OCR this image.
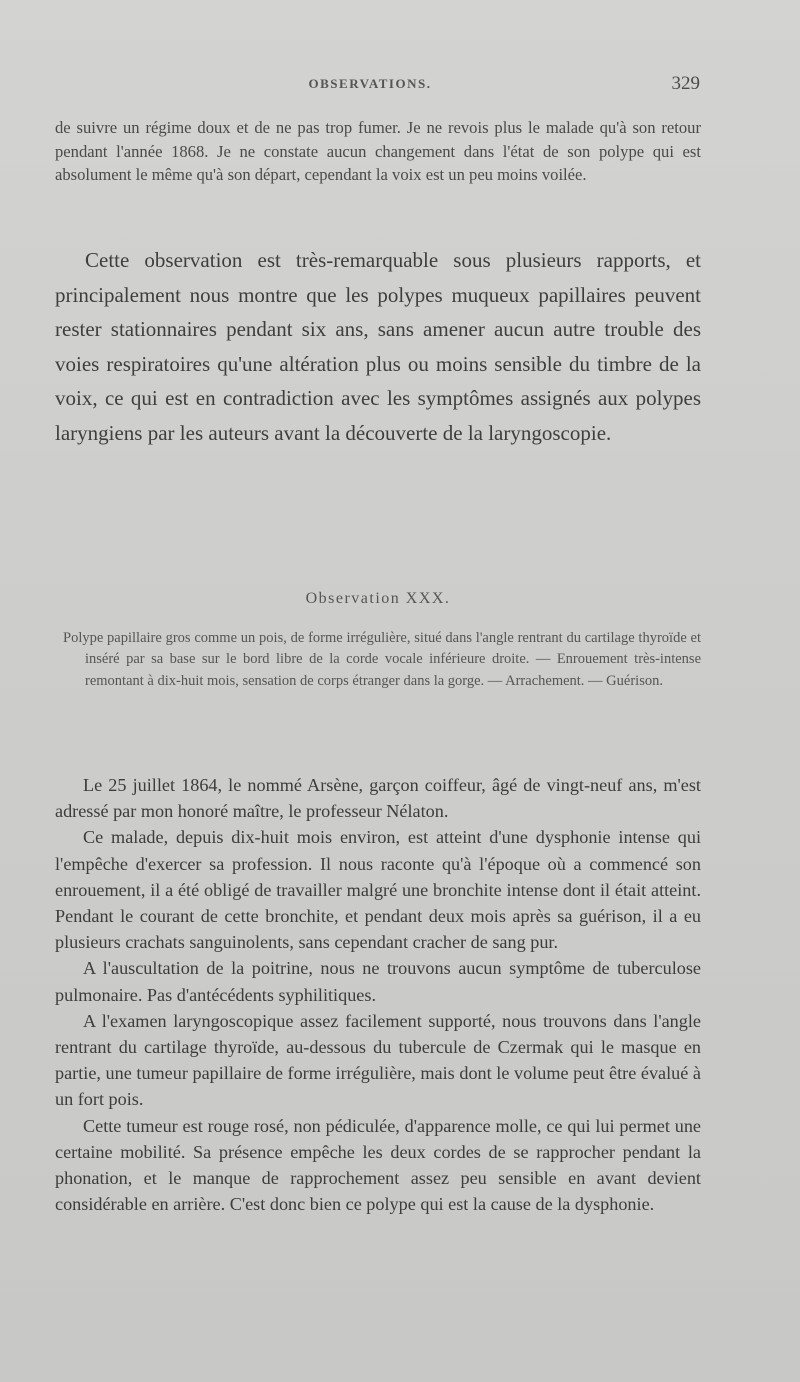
OBSERVATIONS.	329

de suivre un régime doux et de ne pas trop fumer. Je ne revois plus le malade qu'à son retour pendant l'année 1868. Je ne constate aucun changement dans l'état de son polype qui est absolument le même qu'à son départ, cependant la voix est un peu moins voilée.

Cette observation est très-remarquable sous plusieurs rapports, et principalement nous montre que les polypes muqueux papillaires peuvent rester stationnaires pendant six ans, sans amener aucun autre trouble des voies respiratoires qu'une altération plus ou moins sensible du timbre de la voix, ce qui est en contradiction avec les symptômes assignés aux polypes laryngiens par les auteurs avant la découverte de la laryngoscopie.

Observation XXX.

Polype papillaire gros comme un pois, de forme irrégulière, situé dans l'angle rentrant du cartilage thyroïde et inséré par sa base sur le bord libre de la corde vocale inférieure droite. — Enrouement très-intense remontant à dix-huit mois, sensation de corps étranger dans la gorge. — Arrachement. — Guérison.

Le 25 juillet 1864, le nommé Arsène, garçon coiffeur, âgé de vingt-neuf ans, m'est adressé par mon honoré maître, le professeur Nélaton.

Ce malade, depuis dix-huit mois environ, est atteint d'une dysphonie intense qui l'empêche d'exercer sa profession. Il nous raconte qu'à l'époque où a commencé son enrouement, il a été obligé de travailler malgré une bronchite intense dont il était atteint. Pendant le courant de cette bronchite, et pendant deux mois après sa guérison, il a eu plusieurs crachats sanguinolents, sans cependant cracher de sang pur.

A l'auscultation de la poitrine, nous ne trouvons aucun symptôme de tuberculose pulmonaire. Pas d'antécédents syphilitiques.

A l'examen laryngoscopique assez facilement supporté, nous trouvons dans l'angle rentrant du cartilage thyroïde, au-dessous du tubercule de Czermak qui le masque en partie, une tumeur papillaire de forme irrégulière, mais dont le volume peut être évalué à un fort pois.

Cette tumeur est rouge rosé, non pédiculée, d'apparence molle, ce qui lui permet une certaine mobilité. Sa présence empêche les deux cordes de se rapprocher pendant la phonation, et le manque de rapprochement assez peu sensible en avant devient considérable en arrière. C'est donc bien ce polype qui est la cause de la dysphonie.
